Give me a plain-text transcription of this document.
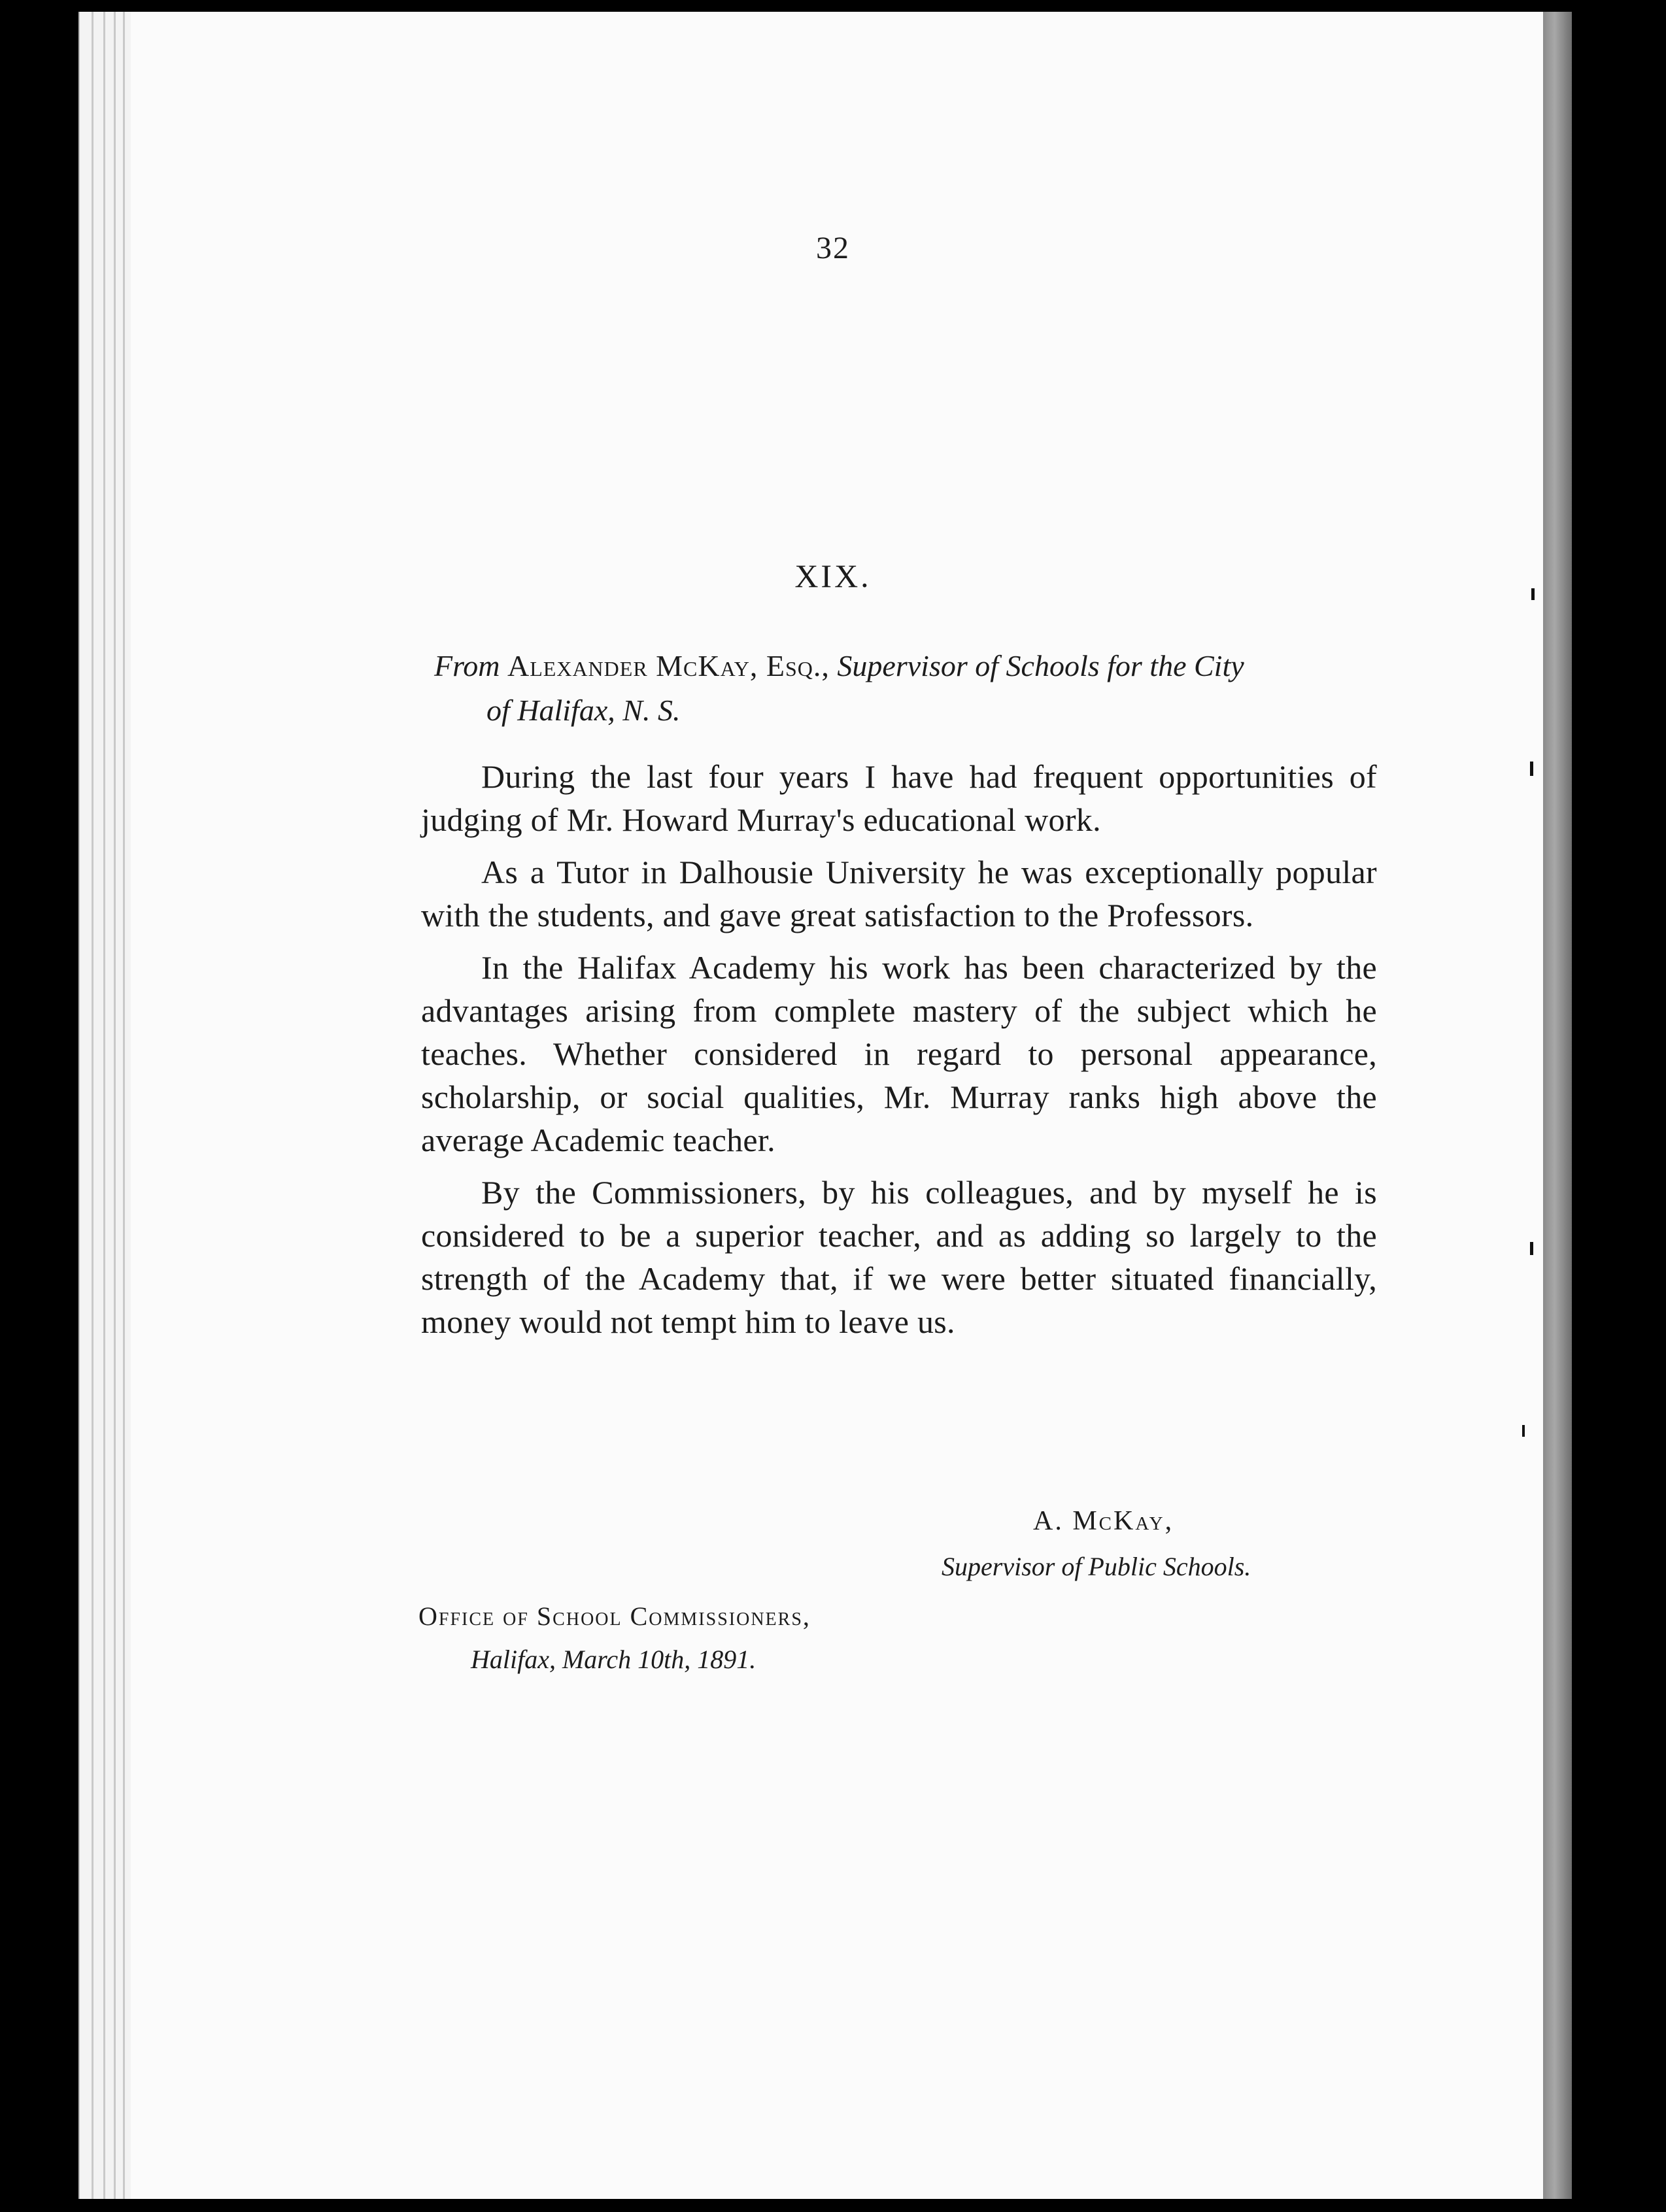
32
XIX.
From Alexander McKay, Esq., Supervisor of Schools for the City
of Halifax, N. S.

During the last four years I have had frequent opportunities of judging of Mr. Howard Murray's educational work.

As a Tutor in Dalhousie University he was exceptionally popular with the students, and gave great satisfaction to the Professors.

In the Halifax Academy his work has been characterized by the advantages arising from complete mastery of the subject which he teaches. Whether considered in regard to personal appearance, scholarship, or social qualities, Mr. Murray ranks high above the average Academic teacher.

By the Commissioners, by his colleagues, and by myself he is considered to be a superior teacher, and as adding so largely to the strength of the Academy that, if we were better situated financially, money would not tempt him to leave us.

A. McKay,
Supervisor of Public Schools.
Office of School Commissioners,
Halifax, March 10th, 1891.
